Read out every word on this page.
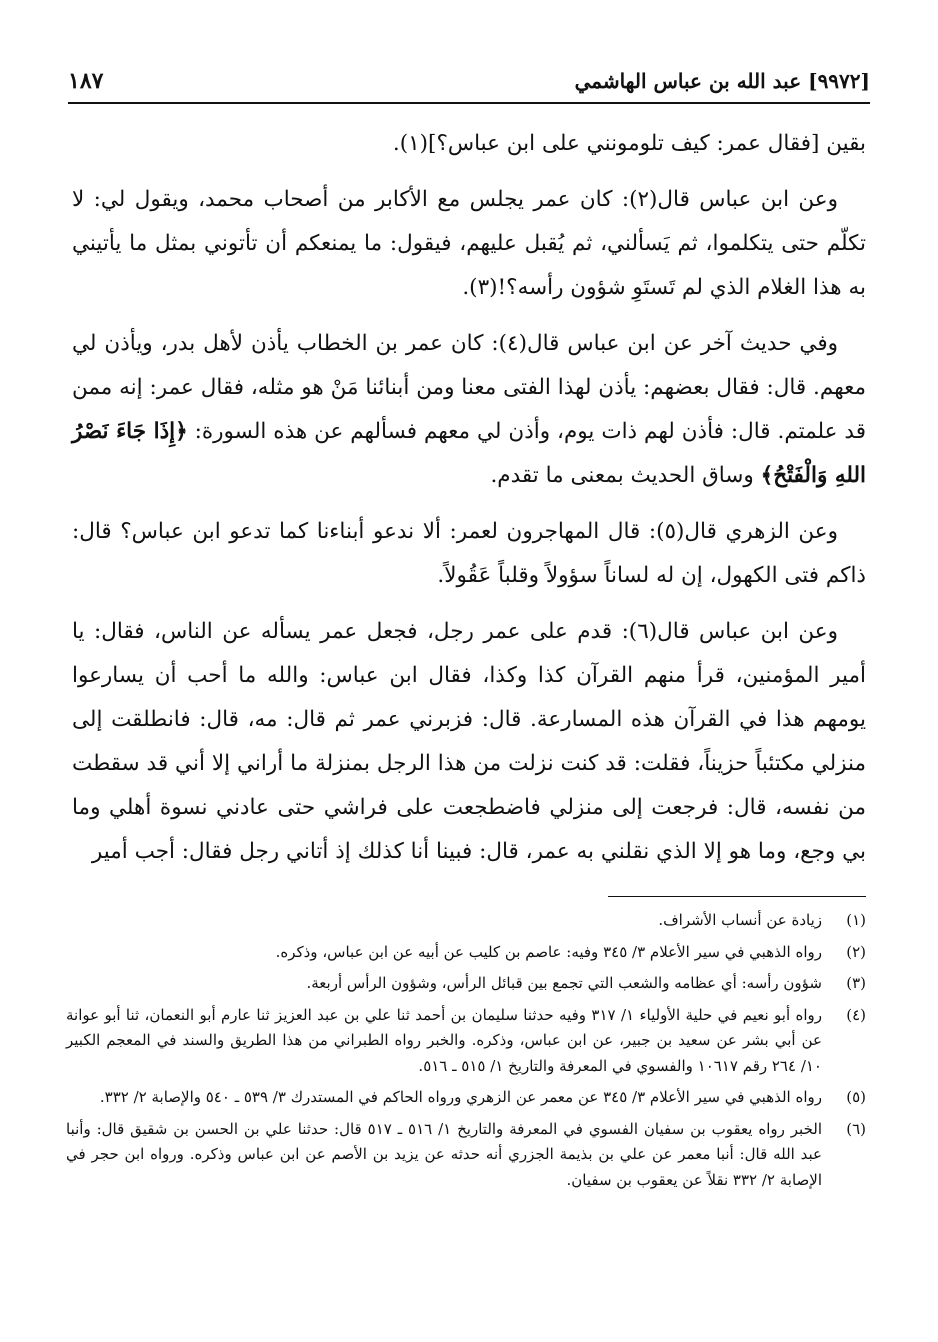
[٩٩٧٢] عبد الله بن عباس الهاشمي
١٨٧

بقين [فقال عمر: كيف تلومونني على ابن عباس؟](١).

وعن ابن عباس قال(٢): كان عمر يجلس مع الأكابر من أصحاب محمد، ويقول لي: لا تكلّم حتى يتكلموا، ثم يَسألني، ثم يُقبل عليهم، فيقول: ما يمنعكم أن تأتوني بمثل ما يأتيني به هذا الغلام الذي لم تَستَوِ شؤون رأسه؟!(٣).

وفي حديث آخر عن ابن عباس قال(٤): كان عمر بن الخطاب يأذن لأهل بدر، ويأذن لي معهم. قال: فقال بعضهم: يأذن لهذا الفتى معنا ومن أبنائنا مَنْ هو مثله، فقال عمر: إنه ممن قد علمتم. قال: فأذن لهم ذات يوم، وأذن لي معهم فسألهم عن هذه السورة: ﴿إِذَا جَاءَ نَصْرُ اللهِ وَالْفَتْحُ﴾ وساق الحديث بمعنى ما تقدم.

وعن الزهري قال(٥): قال المهاجرون لعمر: ألا ندعو أبناءنا كما تدعو ابن عباس؟ قال: ذاكم فتى الكهول، إن له لساناً سؤولاً وقلباً عَقُولاً.

وعن ابن عباس قال(٦): قدم على عمر رجل، فجعل عمر يسأله عن الناس، فقال: يا أمير المؤمنين، قرأ منهم القرآن كذا وكذا، فقال ابن عباس: والله ما أحب أن يسارعوا يومهم هذا في القرآن هذه المسارعة. قال: فزبرني عمر ثم قال: مه، قال: فانطلقت إلى منزلي مكتئباً حزيناً، فقلت: قد كنت نزلت من هذا الرجل بمنزلة ما أراني إلا أني قد سقطت من نفسه، قال: فرجعت إلى منزلي فاضطجعت على فراشي حتى عادني نسوة أهلي وما بي وجع، وما هو إلا الذي نقلني به عمر، قال: فبينا أنا كذلك إذ أتاني رجل فقال: أجب أمير

(١)
زيادة عن أنساب الأشراف.
(٢)
رواه الذهبي في سير الأعلام ٣/ ٣٤٥ وفيه: عاصم بن كليب عن أبيه عن ابن عباس، وذكره.
(٣)
شؤون رأسه: أي عظامه والشعب التي تجمع بين قبائل الرأس، وشؤون الرأس أربعة.
(٤)
رواه أبو نعيم في حلية الأولياء ١/ ٣١٧ وفيه حدثنا سليمان بن أحمد ثنا علي بن عبد العزيز ثنا عارم أبو النعمان، ثنا أبو عوانة عن أبي بشر عن سعيد بن جبير، عن ابن عباس، وذكره. والخبر رواه الطبراني من هذا الطريق والسند في المعجم الكبير ١٠/ ٢٦٤ رقم ١٠٦١٧ والفسوي في المعرفة والتاريخ ١/ ٥١٥ ـ ٥١٦.
(٥)
رواه الذهبي في سير الأعلام ٣/ ٣٤٥ عن معمر عن الزهري ورواه الحاكم في المستدرك ٣/ ٥٣٩ ـ ٥٤٠ والإصابة ٢/ ٣٣٢.
(٦)
الخبر رواه يعقوب بن سفيان الفسوي في المعرفة والتاريخ ١/ ٥١٦ ـ ٥١٧ قال: حدثنا علي بن الحسن بن شقيق قال: وأنبا عبد الله قال: أنبا معمر عن علي بن بذيمة الجزري أنه حدثه عن يزيد بن الأصم عن ابن عباس وذكره. ورواه ابن حجر في الإصابة ٢/ ٣٣٢ نقلاً عن يعقوب بن سفيان.
